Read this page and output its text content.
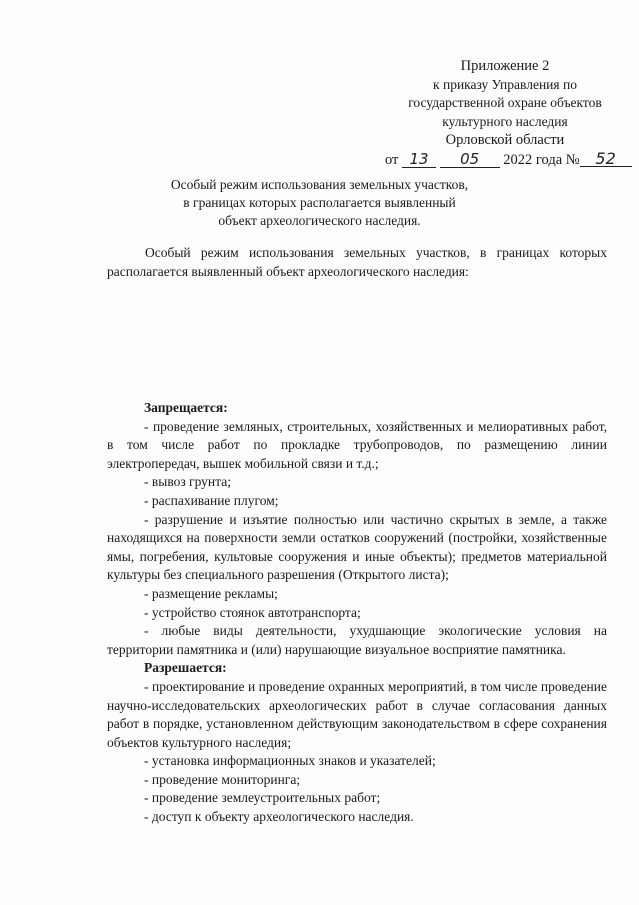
Приложение 2
к приказу Управления по
государственной охране объектов
культурного наследия
Орловской области
от 13 05 2022 года № 52
Особый режим использования земельных участков,
в границах которых располагается выявленный
объект археологического наследия.

Особый режим использования земельных участков, в границах которых располагается выявленный объект археологического наследия:

Запрещается:

- проведение земляных, строительных, хозяйственных и мелиоративных работ, в том числе работ по прокладке трубопроводов, по размещению линии электропередач, вышек мобильной связи и т.д.;

- вывоз грунта;

- распахивание плугом;

- разрушение и изъятие полностью или частично скрытых в земле, а также находящихся на поверхности земли остатков сооружений (постройки, хозяйственные ямы, погребения, культовые сооружения и иные объекты); предметов материальной культуры без специального разрешения (Открытого листа);

- размещение рекламы;

- устройство стоянок автотранспорта;

- любые виды деятельности, ухудшающие экологические условия на территории памятника и (или) нарушающие визуальное восприятие памятника.

Разрешается:

- проектирование и проведение охранных мероприятий, в том числе проведение научно-исследовательских археологических работ в случае согласования данных работ в порядке, установленном действующим законодательством в сфере сохранения объектов культурного наследия;

- установка информационных знаков и указателей;

- проведение мониторинга;

- проведение землеустроительных работ;

- доступ к объекту археологического наследия.
